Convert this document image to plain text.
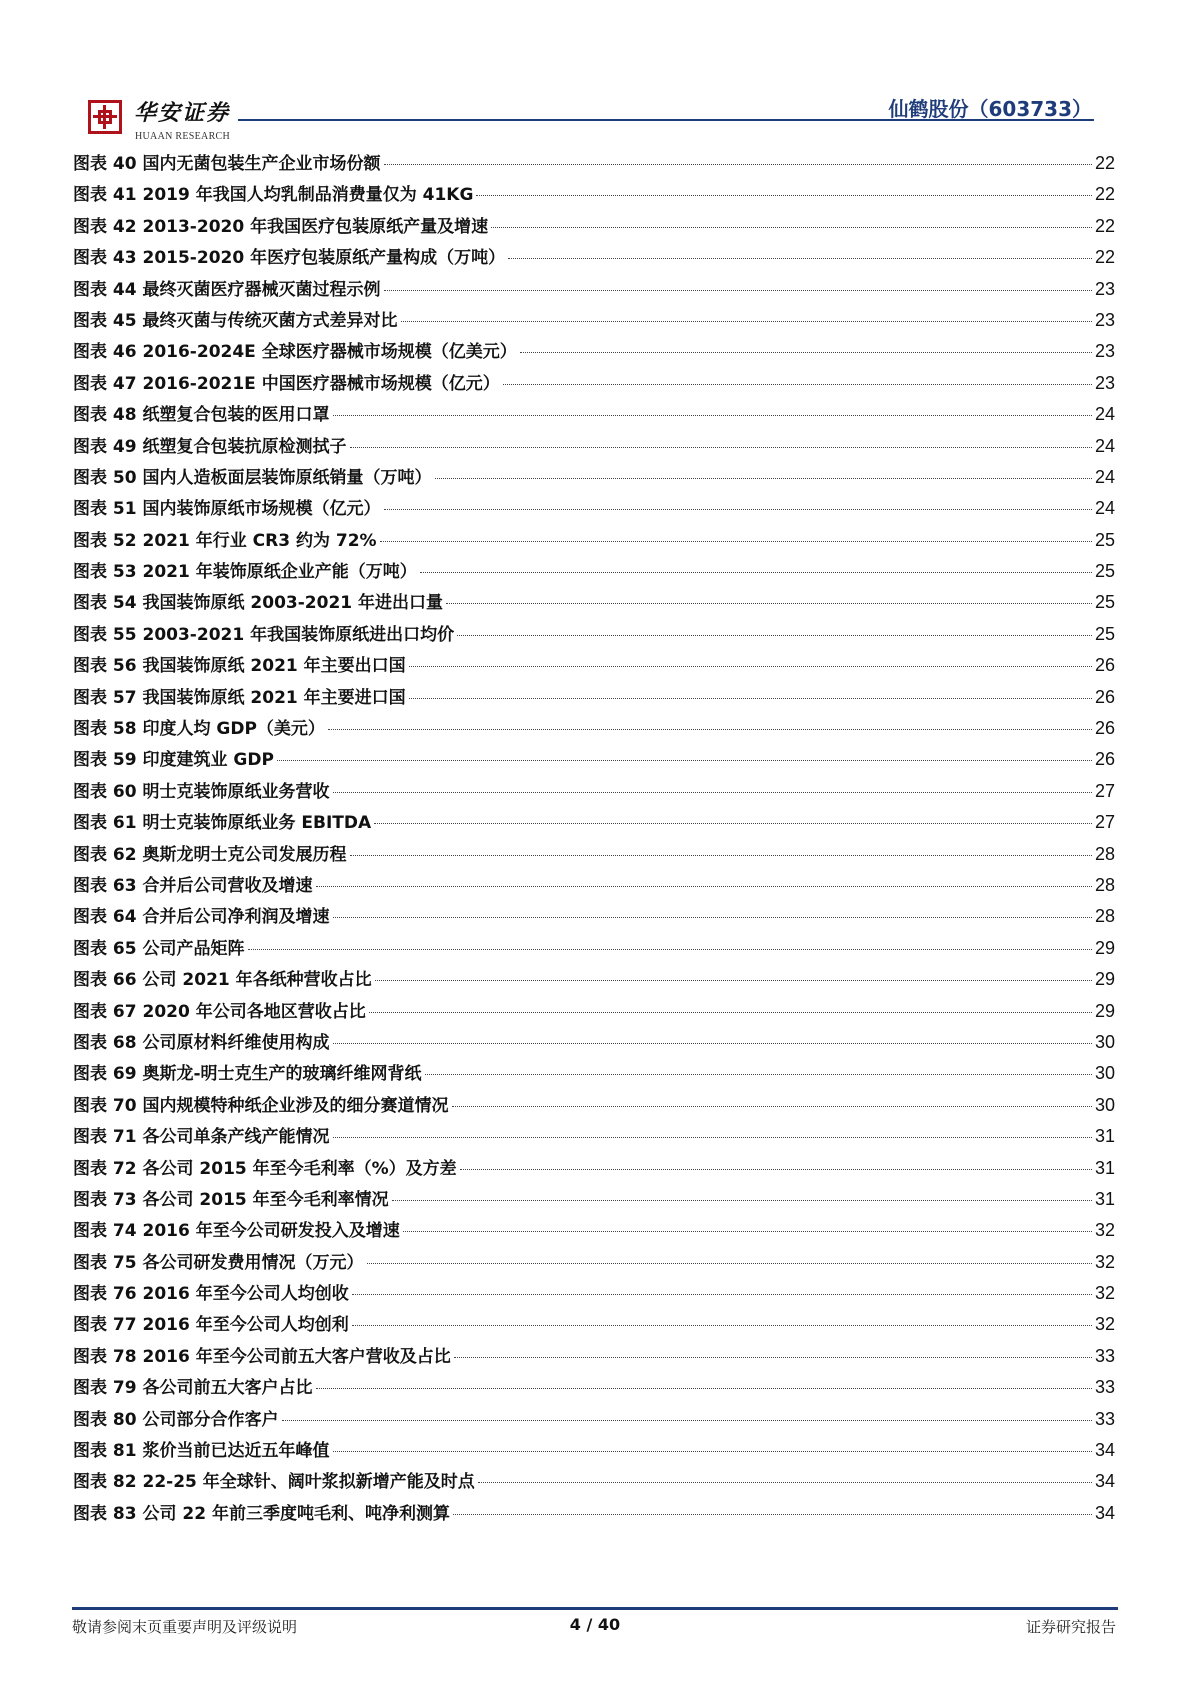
华安证券
HUAAN RESEARCH
仙鹤股份（603733）
图表 40 国内无菌包装生产企业市场份额	22
图表 41 2019 年我国人均乳制品消费量仅为 41KG	22
图表 42 2013-2020 年我国医疗包装原纸产量及增速	22
图表 43 2015-2020 年医疗包装原纸产量构成（万吨）	22
图表 44 最终灭菌医疗器械灭菌过程示例	23
图表 45 最终灭菌与传统灭菌方式差异对比	23
图表 46 2016-2024E 全球医疗器械市场规模（亿美元）	23
图表 47 2016-2021E 中国医疗器械市场规模（亿元）	23
图表 48 纸塑复合包装的医用口罩	24
图表 49 纸塑复合包装抗原检测拭子	24
图表 50 国内人造板面层装饰原纸销量（万吨）	24
图表 51 国内装饰原纸市场规模（亿元）	24
图表 52 2021 年行业 CR3 约为 72%	25
图表 53 2021 年装饰原纸企业产能（万吨）	25
图表 54 我国装饰原纸 2003-2021 年进出口量	25
图表 55 2003-2021 年我国装饰原纸进出口均价	25
图表 56 我国装饰原纸 2021 年主要出口国	26
图表 57 我国装饰原纸 2021 年主要进口国	26
图表 58 印度人均 GDP（美元）	26
图表 59 印度建筑业 GDP	26
图表 60 明士克装饰原纸业务营收	27
图表 61 明士克装饰原纸业务 EBITDA	27
图表 62 奥斯龙明士克公司发展历程	28
图表 63 合并后公司营收及增速	28
图表 64 合并后公司净利润及增速	28
图表 65 公司产品矩阵	29
图表 66 公司 2021 年各纸种营收占比	29
图表 67 2020 年公司各地区营收占比	29
图表 68 公司原材料纤维使用构成	30
图表 69 奥斯龙-明士克生产的玻璃纤维网背纸	30
图表 70 国内规模特种纸企业涉及的细分赛道情况	30
图表 71 各公司单条产线产能情况	31
图表 72 各公司 2015 年至今毛利率（%）及方差	31
图表 73 各公司 2015 年至今毛利率情况	31
图表 74 2016 年至今公司研发投入及增速	32
图表 75 各公司研发费用情况（万元）	32
图表 76 2016 年至今公司人均创收	32
图表 77 2016 年至今公司人均创利	32
图表 78 2016 年至今公司前五大客户营收及占比	33
图表 79 各公司前五大客户占比	33
图表 80 公司部分合作客户	33
图表 81 浆价当前已达近五年峰值	34
图表 82 22-25 年全球针、阔叶浆拟新增产能及时点	34
图表 83 公司 22 年前三季度吨毛利、吨净利测算	34
敬请参阅末页重要声明及评级说明	4 / 40	证券研究报告
